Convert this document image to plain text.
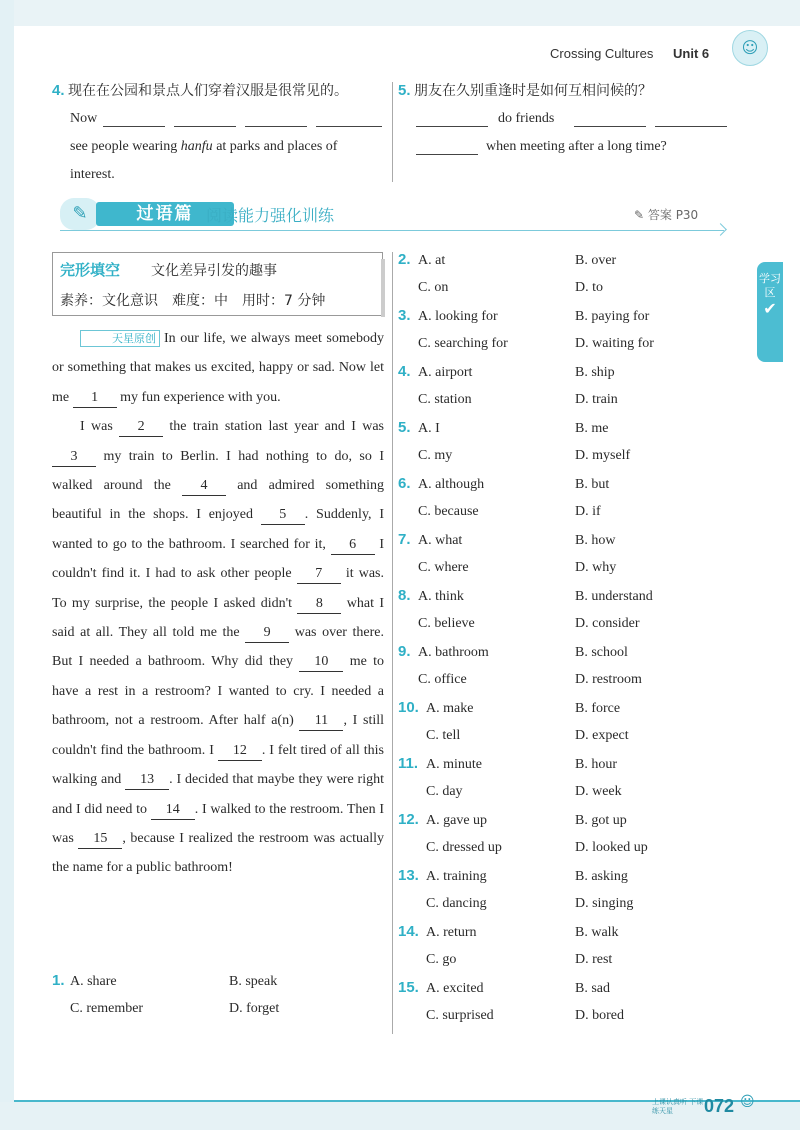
学习区
✔
Crossing Cultures Unit 6	☺
4. 现在在公园和景点人们穿着汉服是很常见的。
Now
see people wearing hanfu at parks and places of
interest.
5. 朋友在久别重逢时是如何互相问候的？
do friends
when meeting after a long time?
✎	过语篇 阅读能力强化训练	✎ 答案 P30
完形填空 文化差异引发的趣事
素养：文化意识 难度：中 用时：7 分钟

天星原创 In our life, we always meet somebody or something that makes us excited, happy or sad. Now let me 1 my fun experience with you.

I was 2 the train station last year and I was 3 my train to Berlin. I had nothing to do, so I walked around the 4 and admired something beautiful in the shops. I enjoyed 5 . Suddenly, I wanted to go to the bathroom. I searched for it, 6 I couldn't find it. I had to ask other people 7 it was. To my surprise, the people I asked didn't 8 what I said at all. They all told me the 9 was over there. But I needed a bathroom. Why did they 10 me to have a rest in a restroom? I wanted to cry. I needed a bathroom, not a restroom. After half a(n) 11 , I still couldn't find the bathroom. I 12 . I felt tired of all this walking and 13 . I decided that maybe they were right and I did need to 14 . I walked to the restroom. Then I was 15 , because I realized the restroom was actually the name for a public bathroom!

1. A. share	B. speak
C. remember	D. forget
2. A. at	B. over
C. on	D. to
3. A. looking for	B. paying for
C. searching for	D. waiting for
4. A. airport	B. ship
C. station	D. train
5. A. I	B. me
C. my	D. myself
6. A. although	B. but
C. because	D. if
7. A. what	B. how
C. where	D. why
8. A. think	B. understand
C. believe	D. consider
9. A. bathroom	B. school
C. office	D. restroom
10. A. make	B. force
C. tell	D. expect
11. A. minute	B. hour
C. day	D. week
12. A. gave up	B. got up
C. dressed up	D. looked up
13. A. training	B. asking
C. dancing	D. singing
14. A. return	B. walk
C. go	D. rest
15. A. excited	B. sad
C. surprised	D. bored
上课认真听 下课练天星	072 ☺
